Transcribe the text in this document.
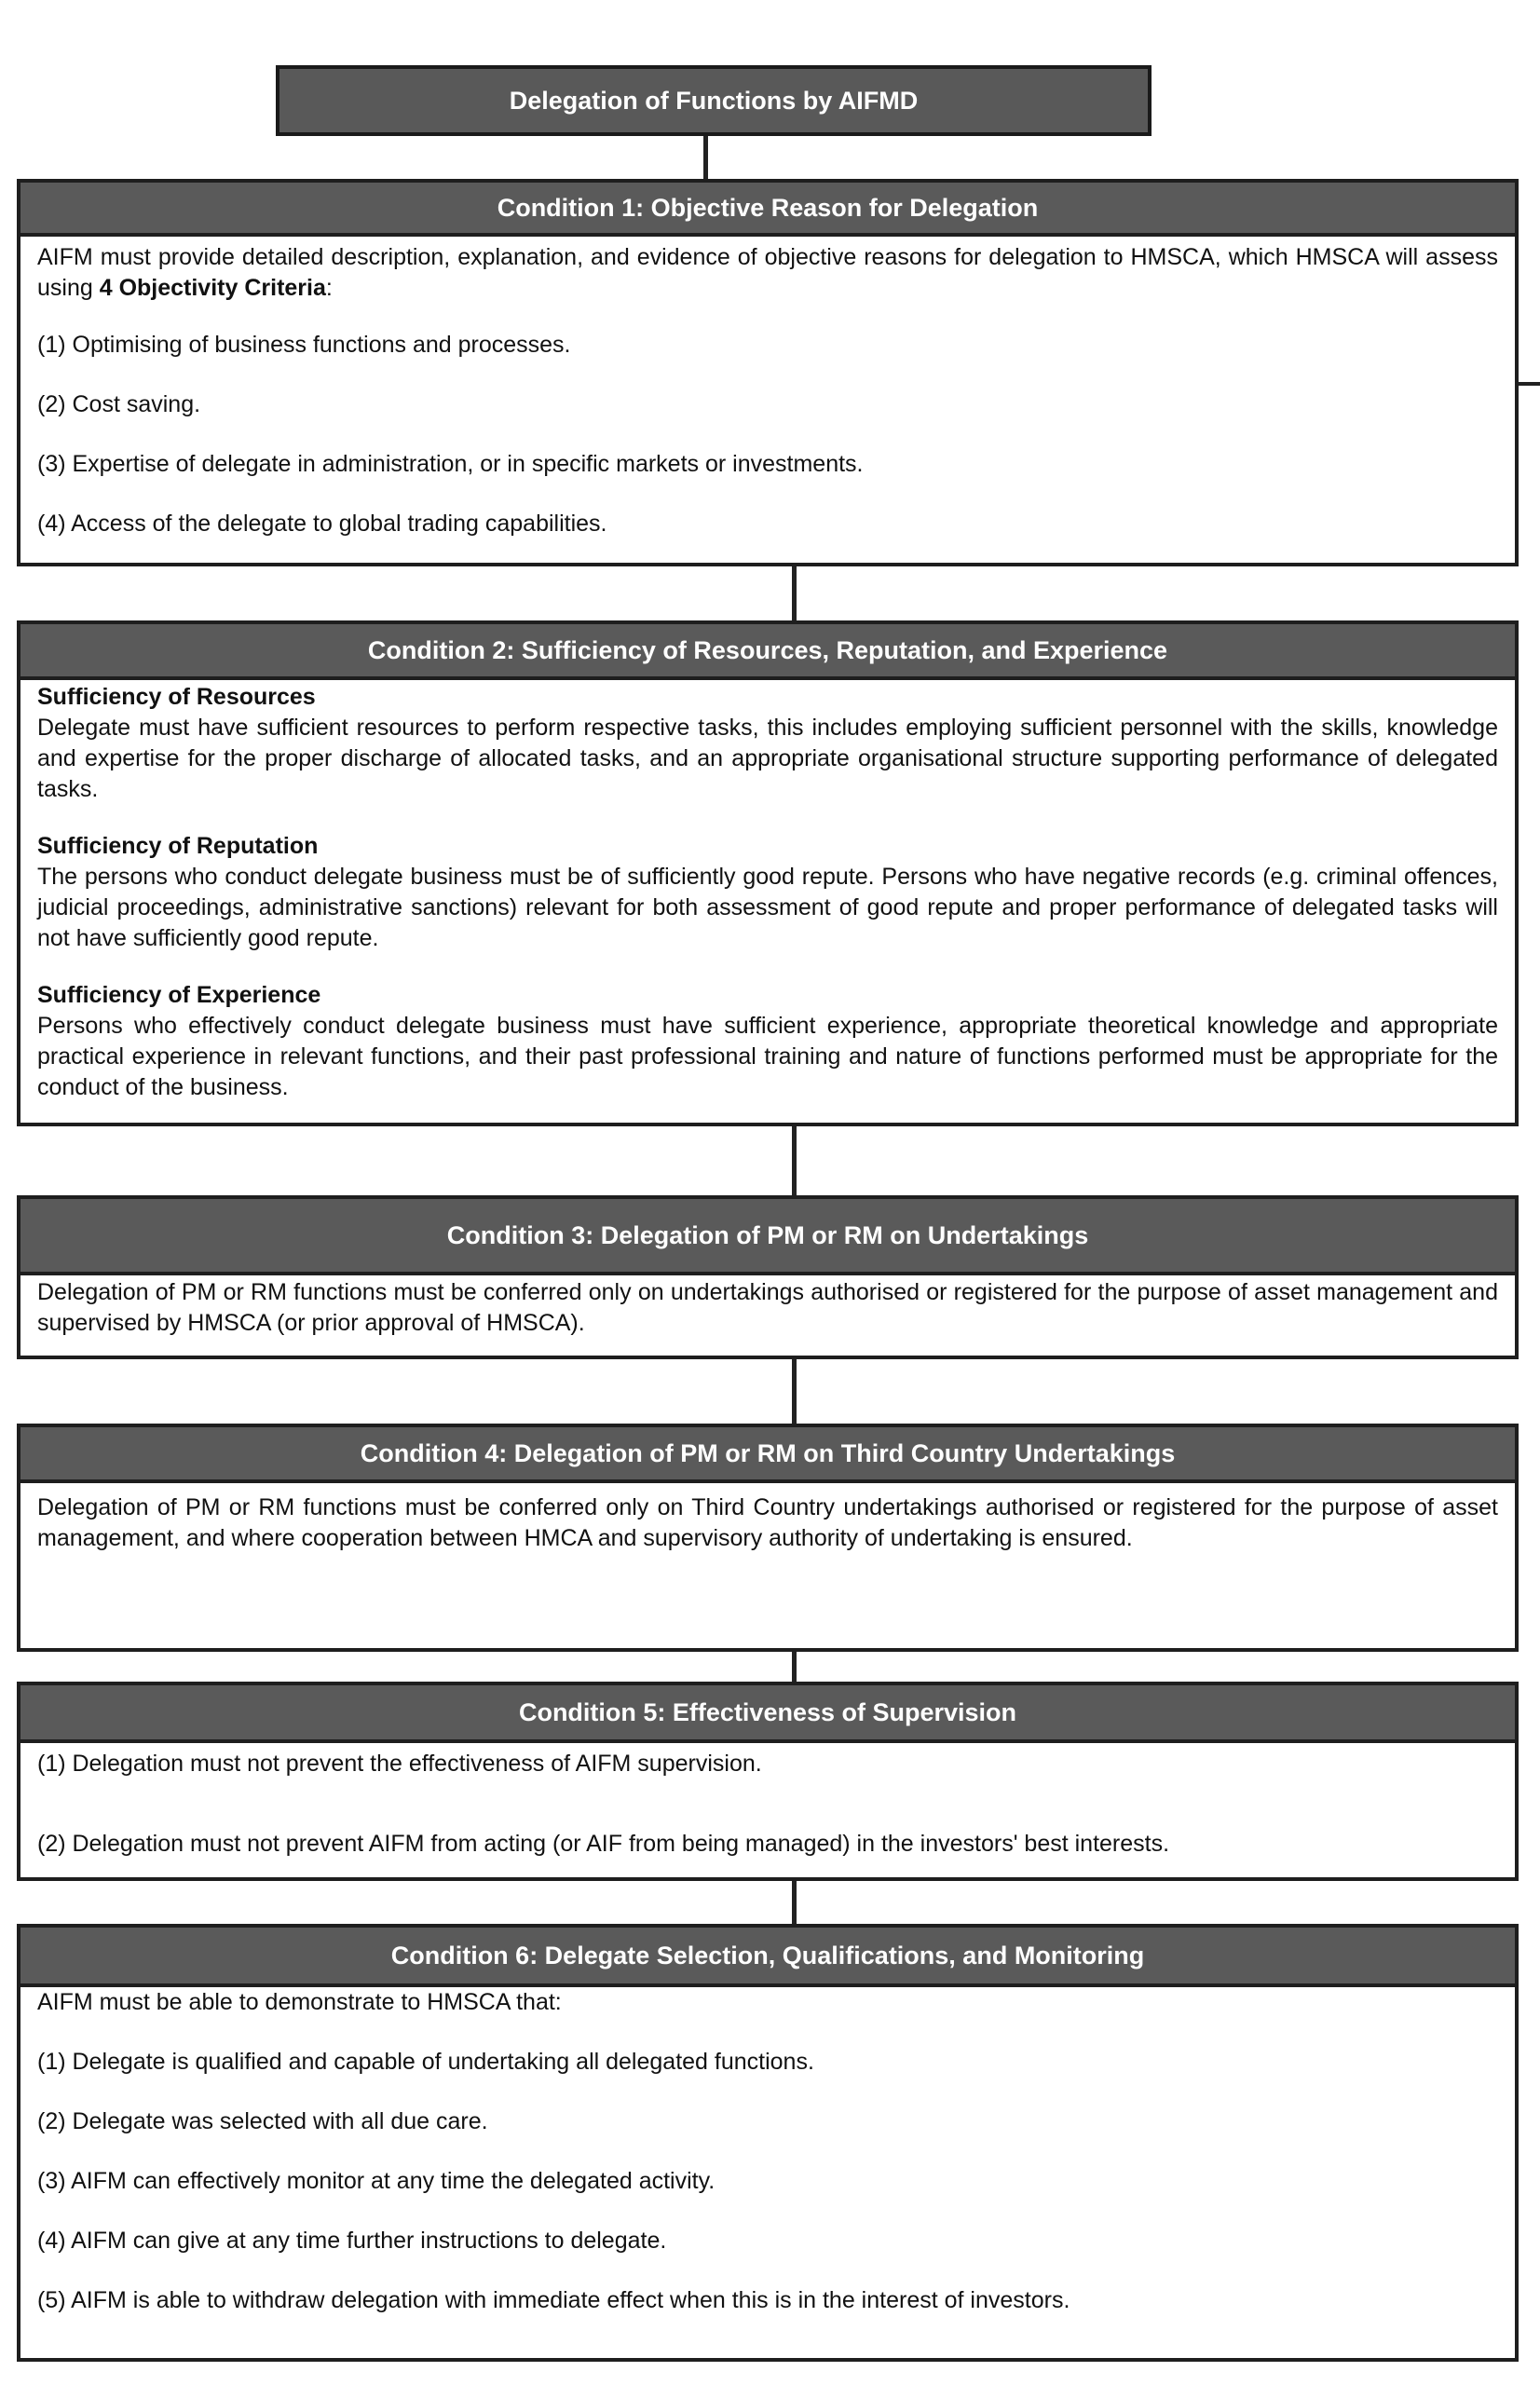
Delegation of Functions by AIFMD
Condition 1: Objective Reason for Delegation

AIFM must provide detailed description, explanation, and evidence of objective reasons for delegation to HMSCA, which HMSCA will assess using 4 Objectivity Criteria:

(1) Optimising of business functions and processes.

(2) Cost saving.

(3) Expertise of delegate in administration, or in specific markets or investments.

(4) Access of the delegate to global trading capabilities.

Condition 2: Sufficiency of Resources, Reputation, and Experience

Sufficiency of Resources

Delegate must have sufficient resources to perform respective tasks, this includes employing sufficient personnel with the skills, knowledge and expertise for the proper discharge of allocated tasks, and an appropriate organisational structure supporting performance of delegated tasks.

Sufficiency of Reputation

The persons who conduct delegate business must be of sufficiently good repute. Persons who have negative records (e.g. criminal offences, judicial proceedings, administrative sanctions) relevant for both assessment of good repute and proper performance of delegated tasks will not have sufficiently good repute.

Sufficiency of Experience

Persons who effectively conduct delegate business must have sufficient experience, appropriate theoretical knowledge and appropriate practical experience in relevant functions, and their past professional training and nature of functions performed must be appropriate for the conduct of the business.

Condition 3: Delegation of PM or RM on Undertakings

Delegation of PM or RM functions must be conferred only on undertakings authorised or registered for the purpose of asset management and supervised by HMSCA (or prior approval of HMSCA).

Condition 4: Delegation of PM or RM on Third Country Undertakings

Delegation of PM or RM functions must be conferred only on Third Country undertakings authorised or registered for the purpose of asset management, and where cooperation between HMCA and supervisory authority of undertaking is ensured.

Condition 5: Effectiveness of Supervision

(1) Delegation must not prevent the effectiveness of AIFM supervision.

(2) Delegation must not prevent AIFM from acting (or AIF from being managed) in the investors' best interests.

Condition 6: Delegate Selection, Qualifications, and Monitoring

AIFM must be able to demonstrate to HMSCA that:

(1) Delegate is qualified and capable of undertaking all delegated functions.

(2) Delegate was selected with all due care.

(3) AIFM can effectively monitor at any time the delegated activity.

(4) AIFM can give at any time further instructions to delegate.

(5) AIFM is able to withdraw delegation with immediate effect when this is in the interest of investors.
